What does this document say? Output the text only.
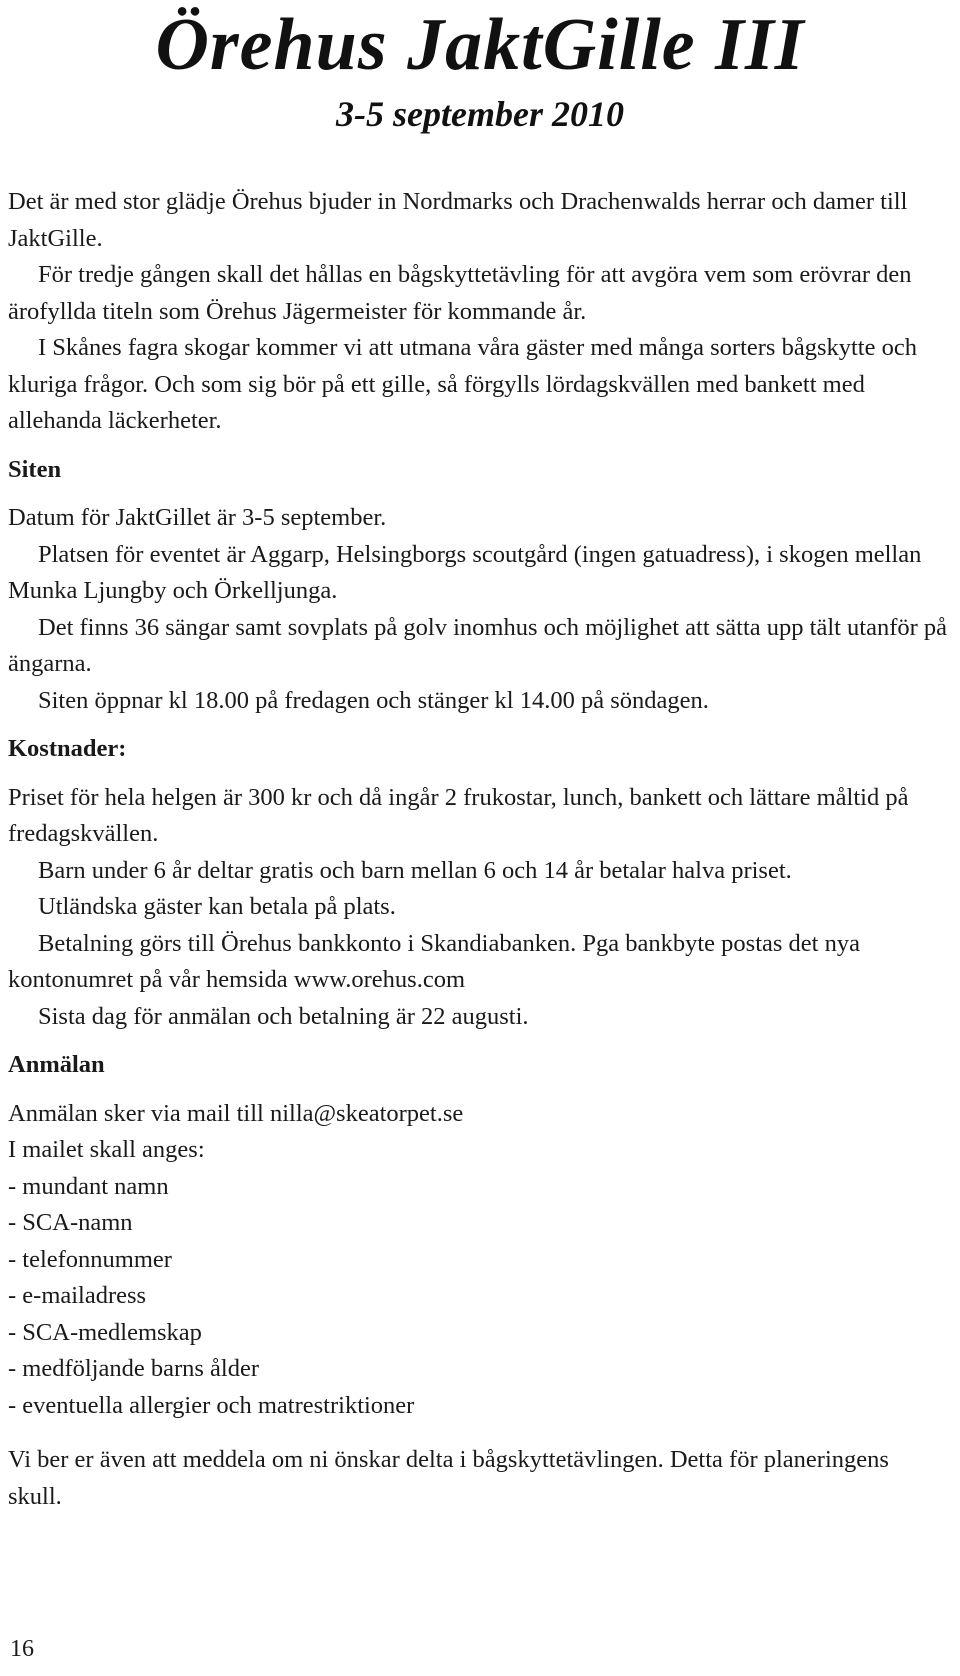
Örehus JaktGille III
3-5 september 2010

Det är med stor glädje Örehus bjuder in Nordmarks och Drachenwalds herrar och damer till JaktGille.

För tredje gången skall det hållas en bågskyttetävling för att avgöra vem som erövrar den ärofyllda titeln som Örehus Jägermeister för kommande år.

I Skånes fagra skogar kommer vi att utmana våra gäster med många sorters bågskytte och kluriga frågor. Och som sig bör på ett gille, så förgylls lördagskvällen med bankett med allehanda läckerheter.

Siten

Datum för JaktGillet är 3-5 september.

Platsen för eventet är Aggarp, Helsingborgs scoutgård (ingen gatuadress), i skogen mellan Munka Ljungby och Örkelljunga.

Det finns 36 sängar samt sovplats på golv inomhus och möjlighet att sätta upp tält utanför på ängarna.

Siten öppnar kl 18.00 på fredagen och stänger kl 14.00 på söndagen.

Kostnader:

Priset för hela helgen är 300 kr och då ingår 2 frukostar, lunch, bankett och lättare måltid på fredagskvällen.

Barn under 6 år deltar gratis och barn mellan 6 och 14 år betalar halva priset.

Utländska gäster kan betala på plats.

Betalning görs till Örehus bankkonto i Skandiabanken. Pga bankbyte postas det nya kontonumret på vår hemsida www.orehus.com

Sista dag för anmälan och betalning är 22 augusti.

Anmälan

Anmälan sker via mail till nilla@skeatorpet.se

I mailet skall anges:

- mundant namn

- SCA-namn

- telefonnummer

- e-mailadress

- SCA-medlemskap

- medföljande barns ålder

- eventuella allergier och matrestriktioner

Vi ber er även att meddela om ni önskar delta i bågskyttetävlingen. Detta för planeringens skull.

16
